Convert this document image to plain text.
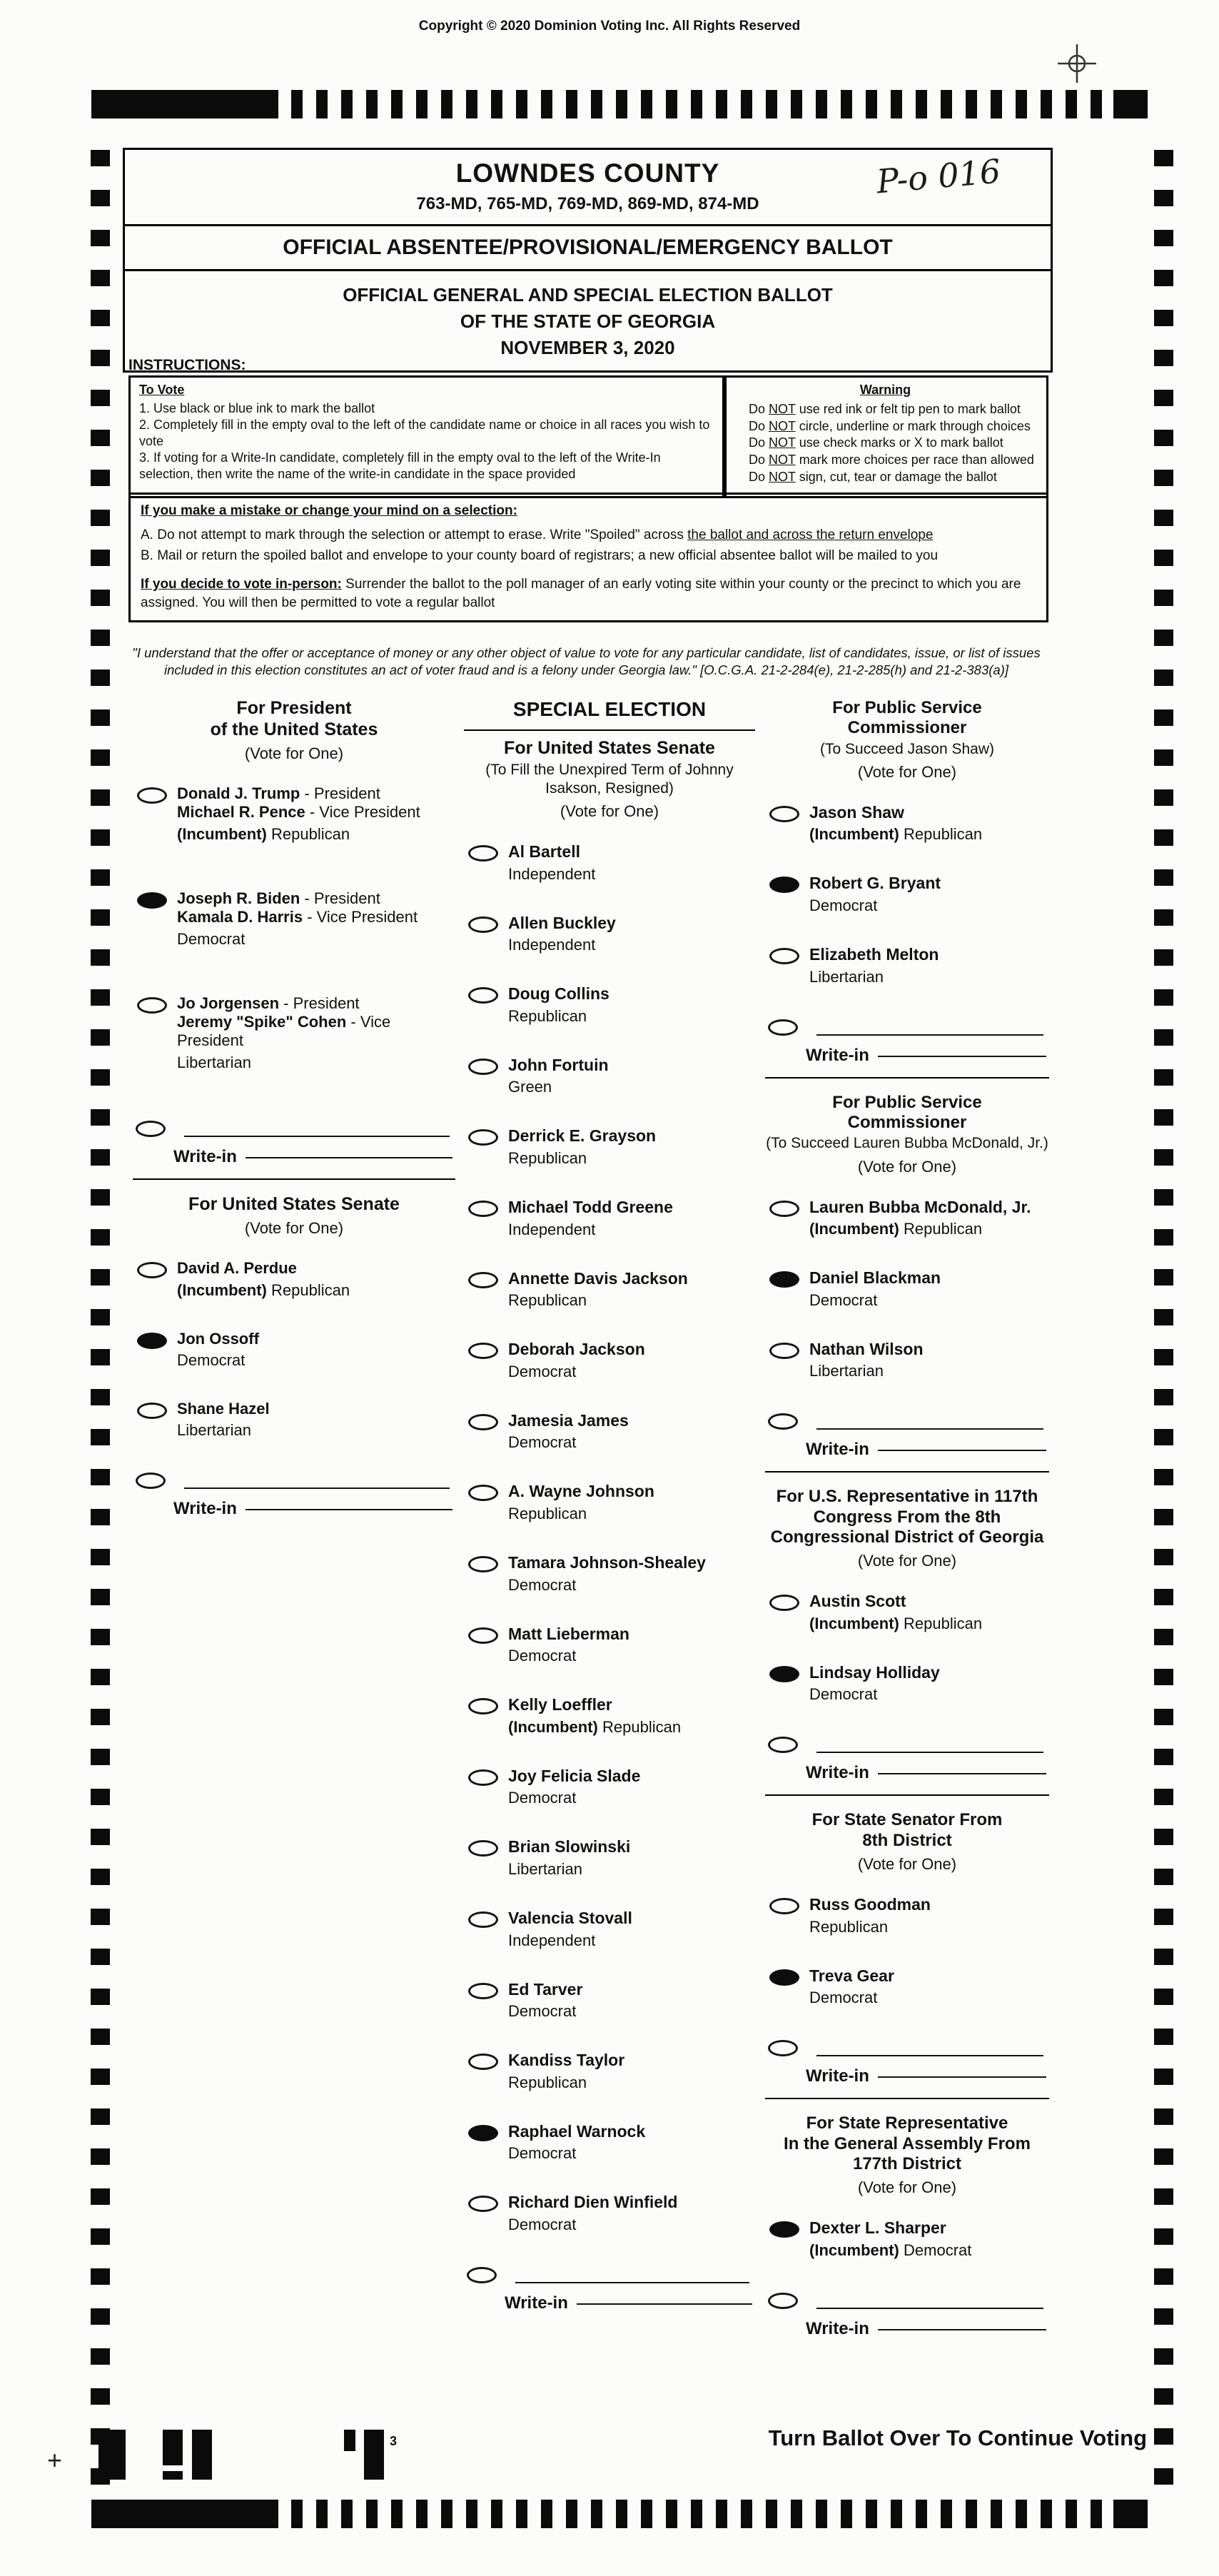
Copyright © 2020 Dominion Voting Inc. All Rights Reserved
LOWNDES COUNTY
763-MD, 765-MD, 769-MD, 869-MD, 874-MD
P-o 016
OFFICIAL ABSENTEE/PROVISIONAL/EMERGENCY BALLOT
OFFICIAL GENERAL AND SPECIAL ELECTION BALLOT
OF THE STATE OF GEORGIA
NOVEMBER 3, 2020
INSTRUCTIONS:
To Vote
1. Use black or blue ink to mark the ballot
2. Completely fill in the empty oval to the left of the candidate name or choice in all races you wish to vote
3. If voting for a Write-In candidate, completely fill in the empty oval to the left of the Write-In selection, then write the name of the write-in candidate in the space provided
Warning
Do NOT use red ink or felt tip pen to mark ballot
Do NOT circle, underline or mark through choices
Do NOT use check marks or X to mark ballot
Do NOT mark more choices per race than allowed
Do NOT sign, cut, tear or damage the ballot
If you make a mistake or change your mind on a selection:
A. Do not attempt to mark through the selection or attempt to erase. Write "Spoiled" across the ballot and across the return envelope
B. Mail or return the spoiled ballot and envelope to your county board of registrars; a new official absentee ballot will be mailed to you

If you decide to vote in-person: Surrender the ballot to the poll manager of an early voting site within your county or the precinct to which you are assigned. You will then be permitted to vote a regular ballot

"I understand that the offer or acceptance of money or any other object of value to vote for any particular candidate, list of candidates, issue, or list of issues included in this election constitutes an act of voter fraud and is a felony under Georgia law." [O.C.G.A. 21-2-284(e), 21-2-285(h) and 21-2-383(a)]
For President
of the United States
(Vote for One)
Donald J. Trump - President
Michael R. Pence - Vice President
(Incumbent) Republican
Joseph R. Biden - President
Kamala D. Harris - Vice President
Democrat
Jo Jorgensen - President
Jeremy "Spike" Cohen - Vice President
Libertarian
Write-in
For United States Senate
(Vote for One)
David A. Perdue
(Incumbent) Republican
Jon Ossoff
Democrat
Shane Hazel
Libertarian
Write-in
SPECIAL ELECTION
For United States Senate
(To Fill the Unexpired Term of Johnny
Isakson, Resigned)
(Vote for One)
Al Bartell
Independent
Allen Buckley
Independent
Doug Collins
Republican
John Fortuin
Green
Derrick E. Grayson
Republican
Michael Todd Greene
Independent
Annette Davis Jackson
Republican
Deborah Jackson
Democrat
Jamesia James
Democrat
A. Wayne Johnson
Republican
Tamara Johnson-Shealey
Democrat
Matt Lieberman
Democrat
Kelly Loeffler
(Incumbent) Republican
Joy Felicia Slade
Democrat
Brian Slowinski
Libertarian
Valencia Stovall
Independent
Ed Tarver
Democrat
Kandiss Taylor
Republican
Raphael Warnock
Democrat
Richard Dien Winfield
Democrat
Write-in
For Public Service
Commissioner
(To Succeed Jason Shaw)
(Vote for One)
Jason Shaw
(Incumbent) Republican
Robert G. Bryant
Democrat
Elizabeth Melton
Libertarian
Write-in
For Public Service
Commissioner
(To Succeed Lauren Bubba McDonald, Jr.)
(Vote for One)
Lauren Bubba McDonald, Jr.
(Incumbent) Republican
Daniel Blackman
Democrat
Nathan Wilson
Libertarian
Write-in
For U.S. Representative in 117th
Congress From the 8th
Congressional District of Georgia
(Vote for One)
Austin Scott
(Incumbent) Republican
Lindsay Holliday
Democrat
Write-in
For State Senator From
8th District
(Vote for One)
Russ Goodman
Republican
Treva Gear
Democrat
Write-in
For State Representative
In the General Assembly From
177th District
(Vote for One)
Dexter L. Sharper
(Incumbent) Democrat
Write-in
Turn Ballot Over To Continue Voting
3
+
